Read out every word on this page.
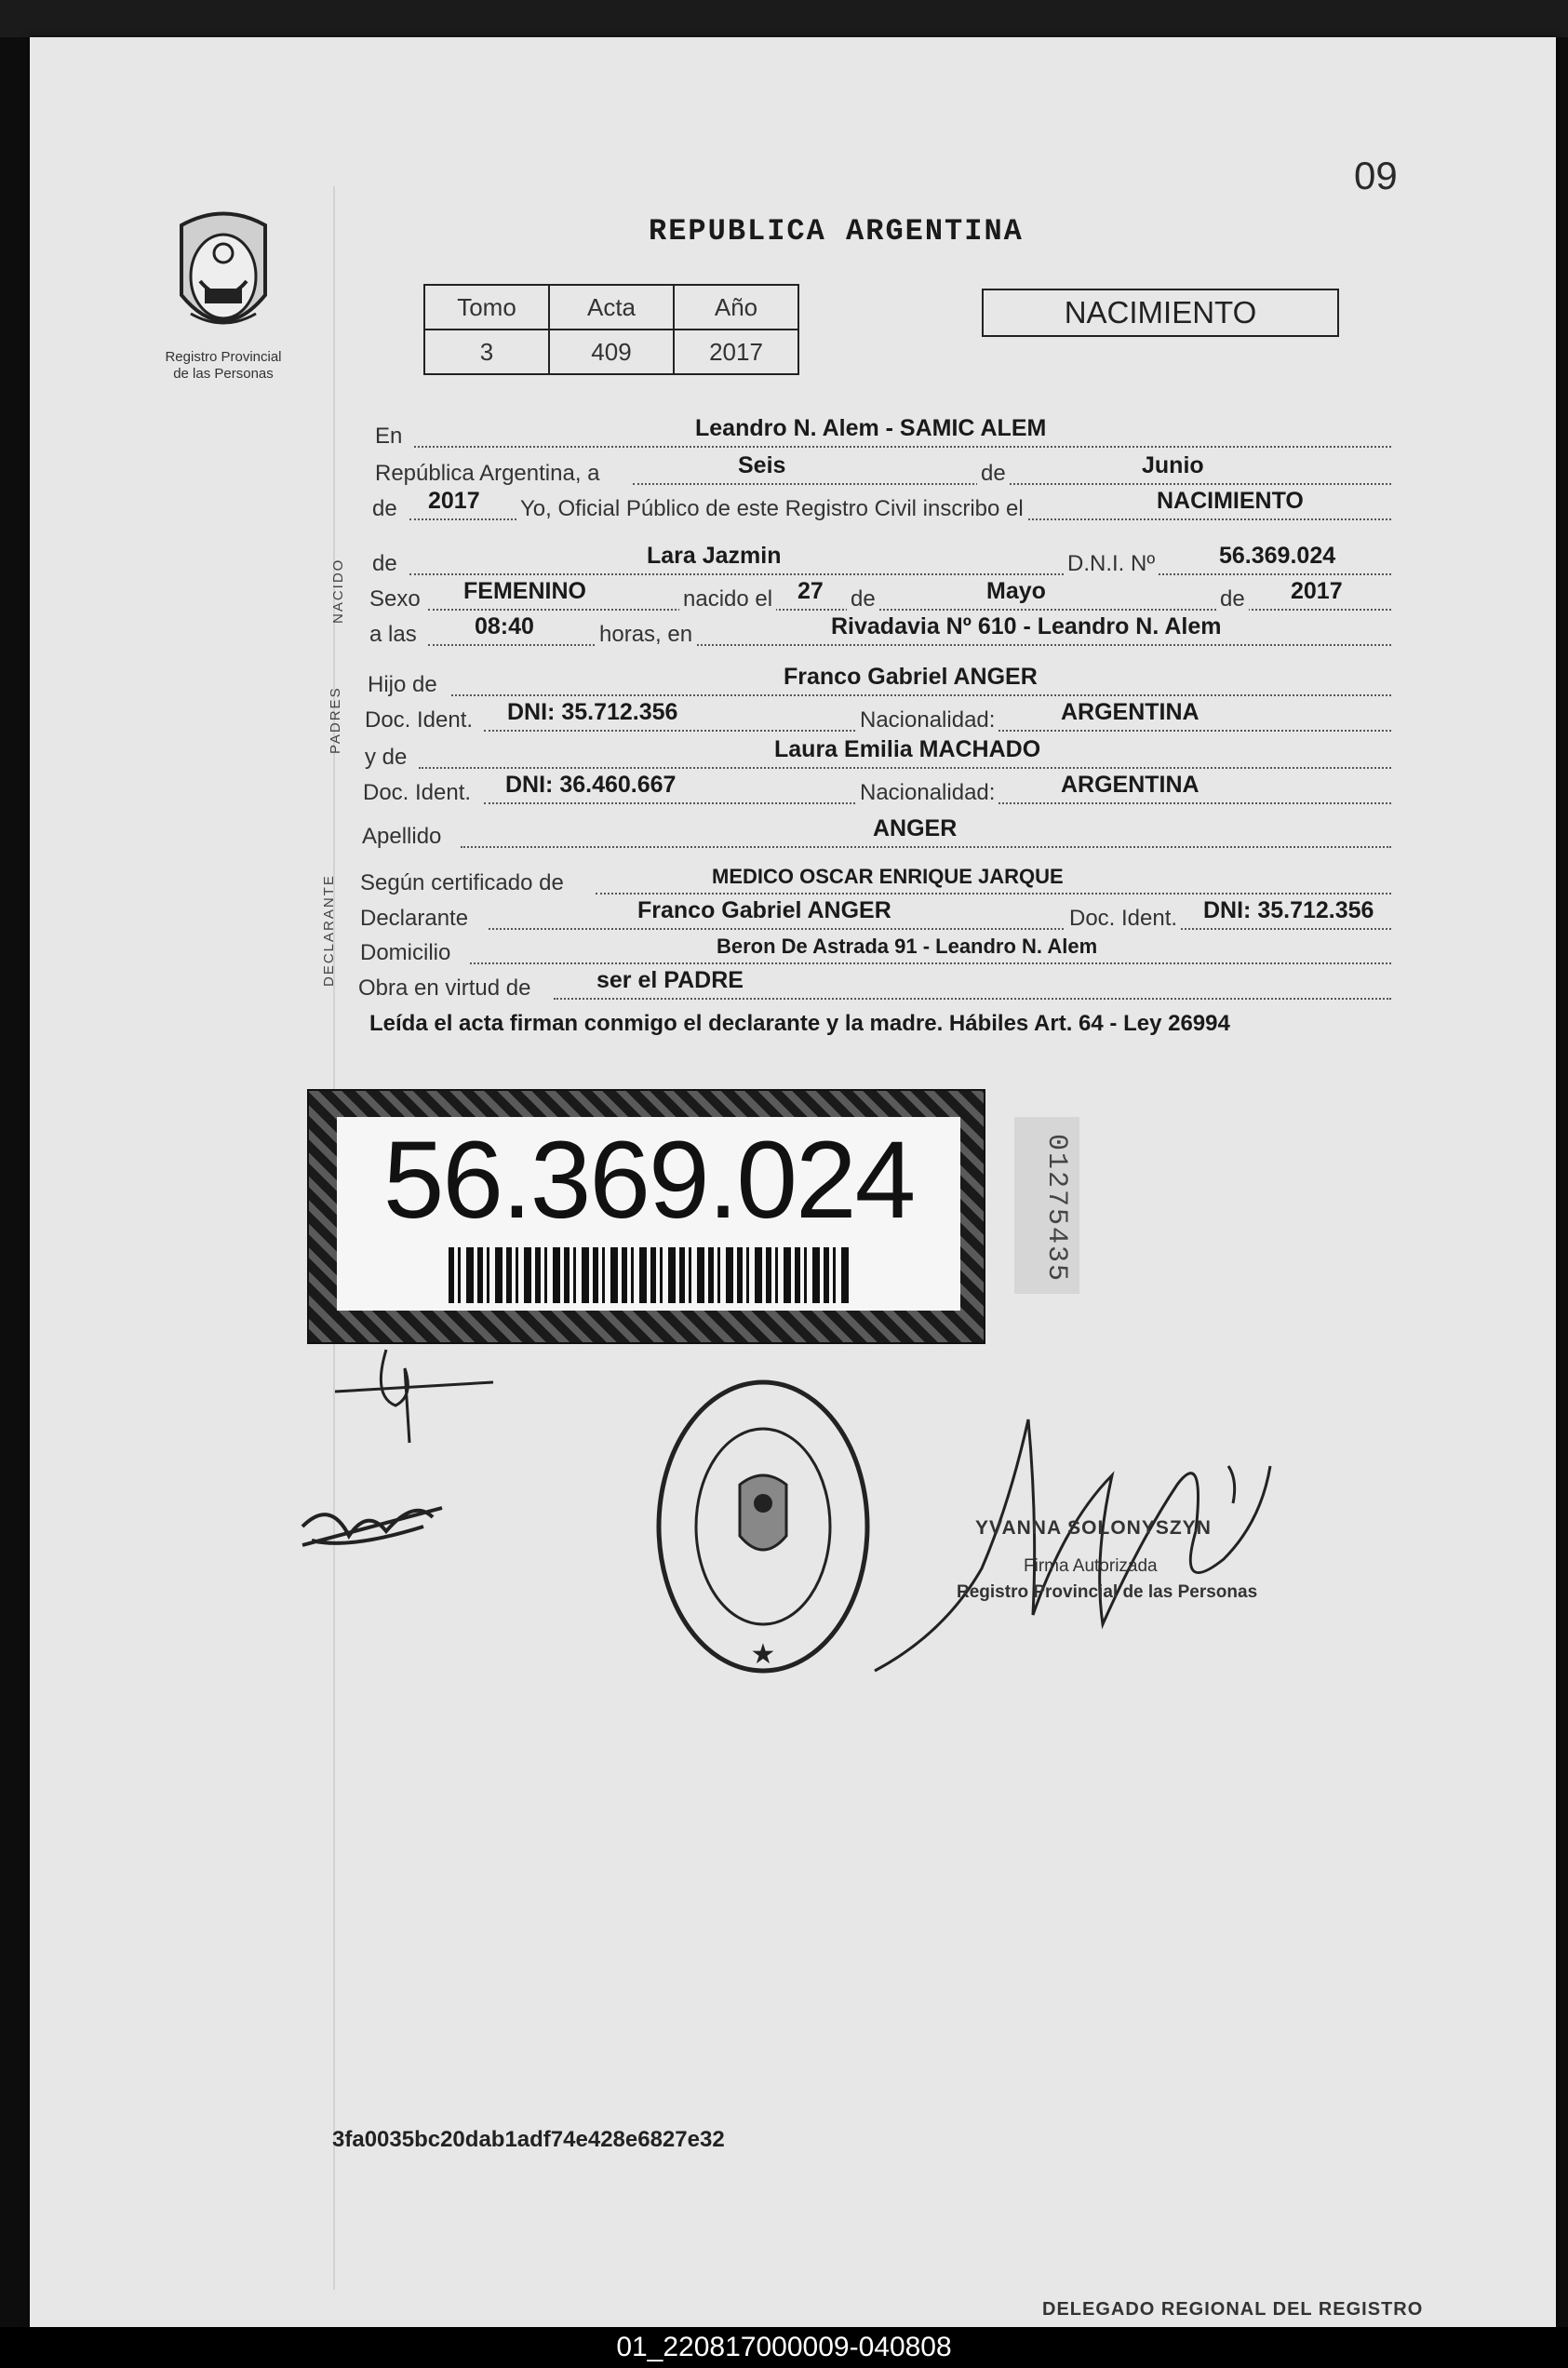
09
Registro Provincial
de las Personas
REPUBLICA ARGENTINA
Tomo	Acta	Año
3	409	2017
NACIMIENTO
En	Leandro N. Alem - SAMIC ALEM
República Argentina, a	Seis	de	Junio
de 2017 Yo, Oficial Público de este Registro Civil inscribo el	NACIMIENTO
de	Lara Jazmin	D.N.I. Nº	56.369.024
Sexo FEMENINO	nacido el 27 de	Mayo	de 2017
a las 08:40	horas, en	Rivadavia Nº 610 - Leandro N. Alem
Hijo de	Franco Gabriel ANGER
Doc. Ident. DNI: 35.712.356	Nacionalidad:	ARGENTINA
y de	Laura Emilia MACHADO
Doc. Ident. DNI: 36.460.667	Nacionalidad:	ARGENTINA
Apellido	ANGER
Según certificado de	MEDICO OSCAR ENRIQUE JARQUE
Declarante	Franco Gabriel ANGER	Doc. Ident. DNI: 35.712.356
Domicilio	Beron De Astrada 91 - Leandro N. Alem
Obra en virtud de	ser el PADRE
NACIDO
PADRES
DECLARANTE
Leída el acta firman conmigo el declarante y la madre. Hábiles Art. 64 - Ley 26994
56.369.024	01275435
★
YVANNA SOLONYSZYN
Firma Autorizada
Registro Provincial de las Personas
3fa0035bc20dab1adf74e428e6827e32
DELEGADO REGIONAL DEL REGISTRO
01_220817000009-040808
